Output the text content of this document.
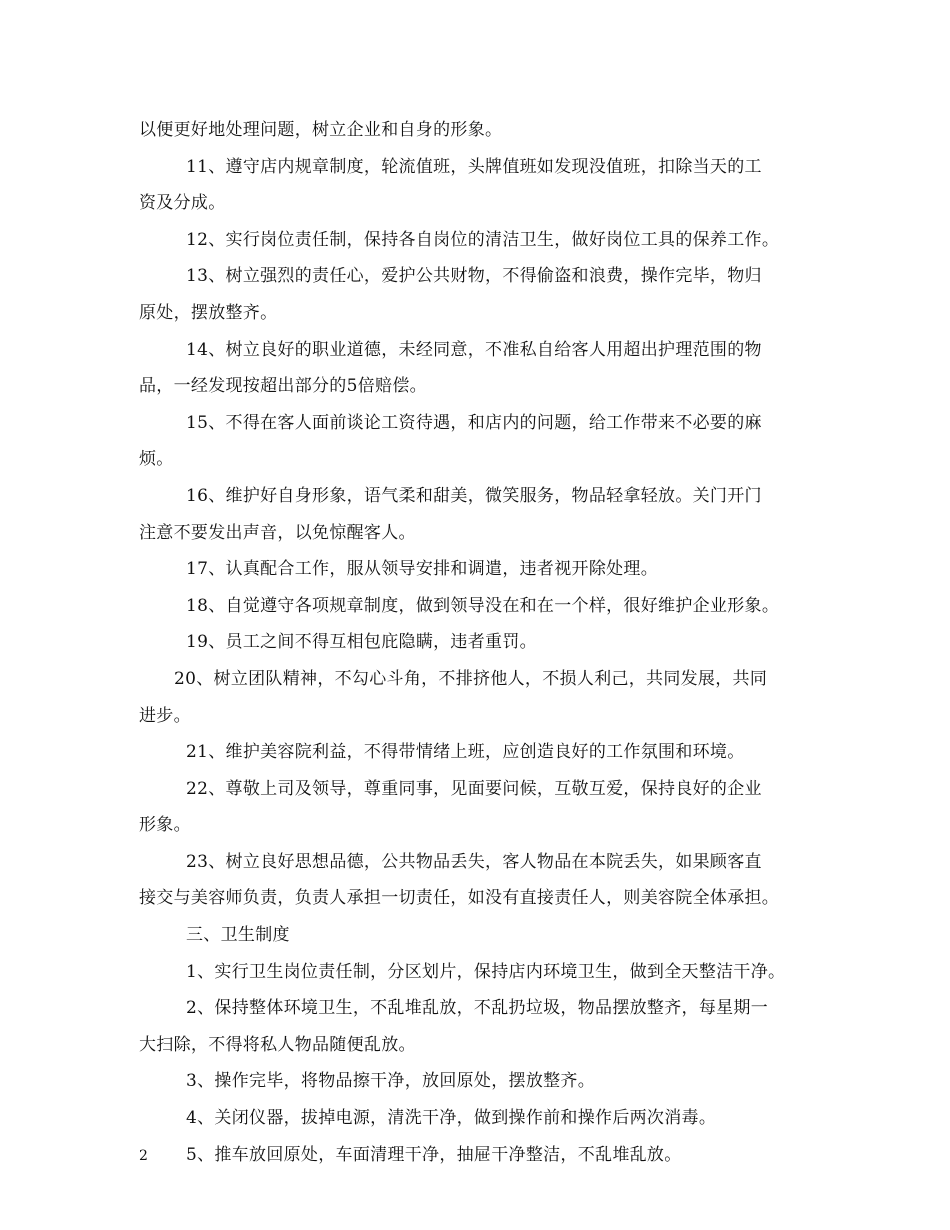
以便更好地处理问题，树立企业和自身的形象。
11、遵守店内规章制度，轮流值班，头牌值班如发现没值班，扣除当天的工
资及分成。
12、实行岗位责任制，保持各自岗位的清洁卫生，做好岗位工具的保养工作。
13、树立强烈的责任心，爱护公共财物，不得偷盗和浪费，操作完毕，物归
原处，摆放整齐。
14、树立良好的职业道德，未经同意，不准私自给客人用超出护理范围的物
品，一经发现按超出部分的5倍赔偿。
15、不得在客人面前谈论工资待遇，和店内的问题，给工作带来不必要的麻
烦。
16、维护好自身形象，语气柔和甜美，微笑服务，物品轻拿轻放。关门开门
注意不要发出声音，以免惊醒客人。
17、认真配合工作，服从领导安排和调遣，违者视开除处理。
18、自觉遵守各项规章制度，做到领导没在和在一个样，很好维护企业形象。
19、员工之间不得互相包庇隐瞒，违者重罚。
20、树立团队精神，不勾心斗角，不排挤他人，不损人利己，共同发展，共同
进步。
21、维护美容院利益，不得带情绪上班，应创造良好的工作氛围和环境。
22、尊敬上司及领导，尊重同事，见面要问候，互敬互爱，保持良好的企业
形象。
23、树立良好思想品德，公共物品丢失，客人物品在本院丢失，如果顾客直
接交与美容师负责，负责人承担一切责任，如没有直接责任人，则美容院全体承担。
三、卫生制度
1、实行卫生岗位责任制，分区划片，保持店内环境卫生，做到全天整洁干净。
2、保持整体环境卫生，不乱堆乱放，不乱扔垃圾，物品摆放整齐，每星期一
大扫除，不得将私人物品随便乱放。
3、操作完毕，将物品擦干净，放回原处，摆放整齐。
4、关闭仪器，拔掉电源，清洗干净，做到操作前和操作后两次消毒。
5、推车放回原处，车面清理干净，抽屉干净整洁，不乱堆乱放。
2
